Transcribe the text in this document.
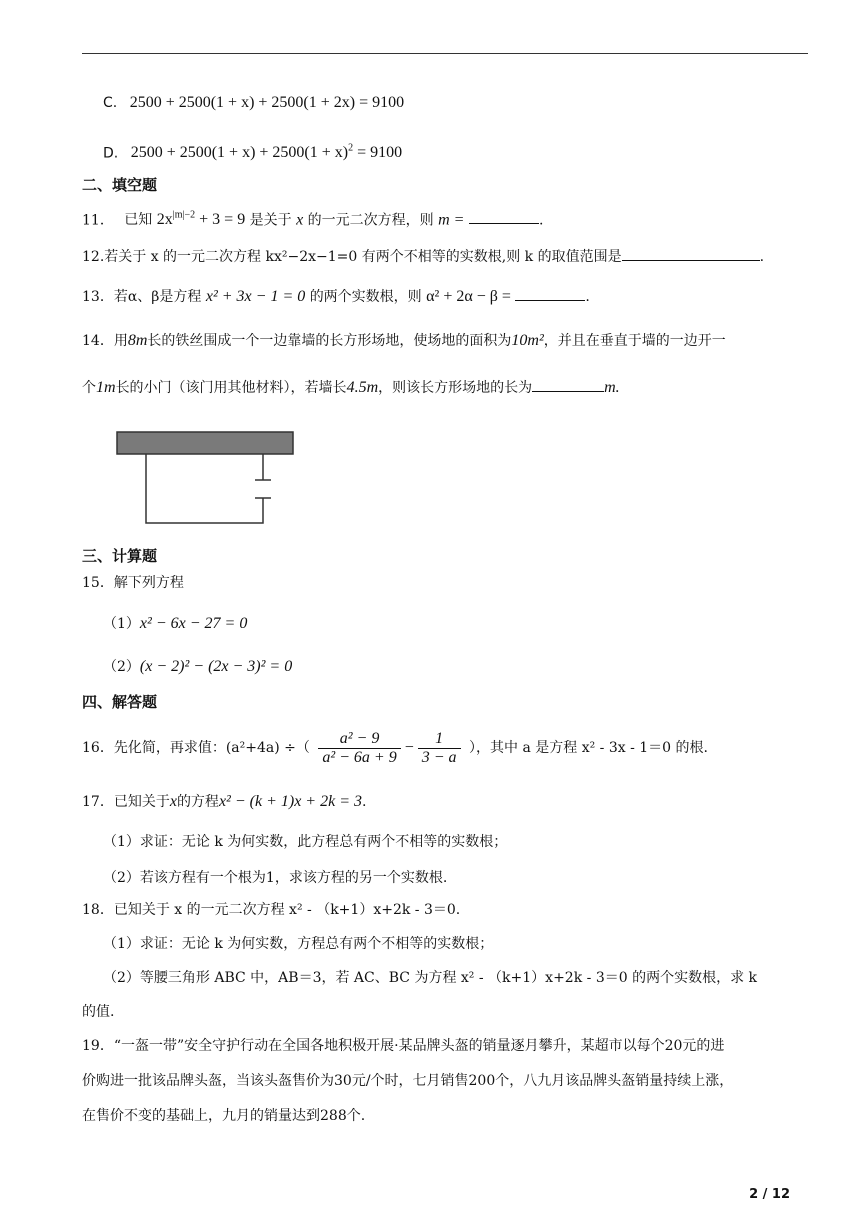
C. 2500 + 2500(1 + x) + 2500(1 + 2x) = 9100
D. $2500 + 2500(1 + x) + 2500(1 + x)^2 = 9100$
二、填空题
11． 已知 $2x^{|m|-2} + 3 = 9$ 是关于 x 的一元二次方程，则 m =	.
12.若关于 x 的一元二次方程 kx²−2x−1=0 有两个不相等的实数根,则 k 的取值范围是	.
13．若α、β是方程 x² + 3x − 1 = 0 的两个实数根，则 α² + 2α − β =	.
14．用8m长的铁丝围成一个一边靠墙的长方形场地，使场地的面积为10m²，并且在垂直于墙的一边开一
个1m长的小门（该门用其他材料），若墙长4.5m，则该长方形场地的长为	m.
三、计算题
15．解下列方程
（1）x² − 6x − 27 = 0
（2）(x − 2)² − (2x − 3)² = 0
四、解答题
16．先化简，再求值：(a²+4a) ÷（ $\frac{\text{a² − 9}}{\text{a² − 6a + 9}} - \frac{1}{3 - a}$ ），其中 a 是方程 x² - 3x - 1＝0 的根.
17．已知关于x的方程x² − (k + 1)x + 2k = 3.
（1）求证：无论 k 为何实数，此方程总有两个不相等的实数根；
（2）若该方程有一个根为1，求该方程的另一个实数根.
18．已知关于 x 的一元二次方程 x² - （k+1）x+2k - 3＝0.
（1）求证：无论 k 为何实数，方程总有两个不相等的实数根；
（2）等腰三角形 ABC 中，AB＝3，若 AC、BC 为方程 x² - （k+1）x+2k - 3＝0 的两个实数根，求 k
的值.
19．“一盔一带”安全守护行动在全国各地积极开展·某品牌头盔的销量逐月攀升，某超市以每个20元的进
价购进一批该品牌头盔，当该头盔售价为30元/个时，七月销售200个，八九月该品牌头盔销量持续上涨，
在售价不变的基础上，九月的销量达到288个.
2 / 12
